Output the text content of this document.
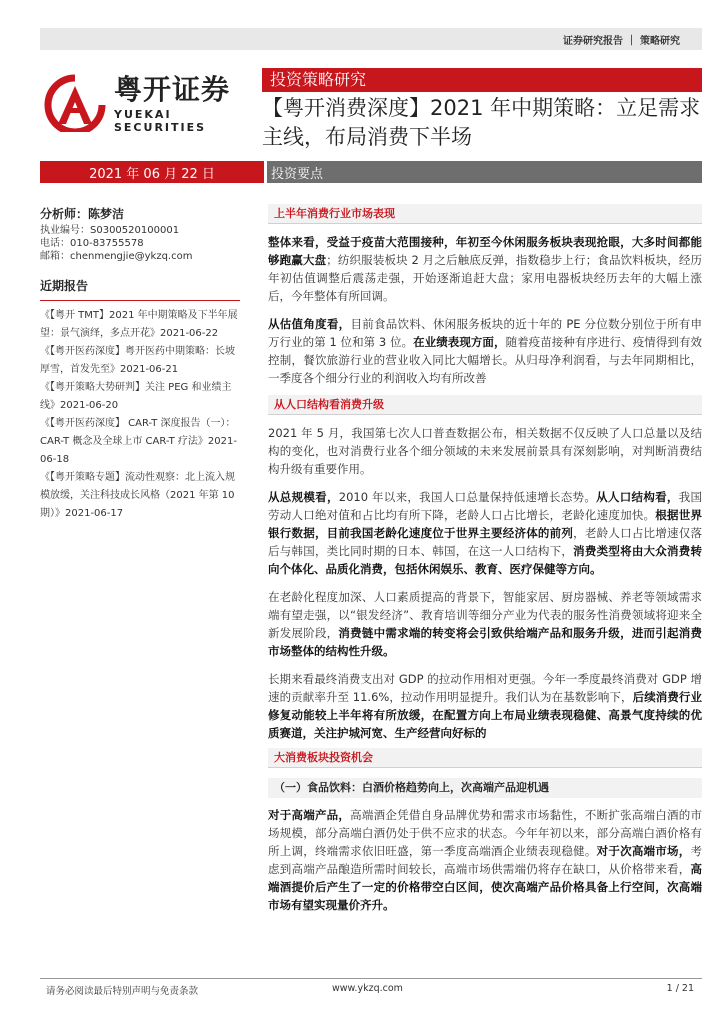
证券研究报告 ｜ 策略研究
粤开证券
YUEKAI SECURITIES
投资策略研究
【粤开消费深度】2021 年中期策略：立足需求主线，布局消费下半场
2021 年 06 月 22 日	投资要点
分析师：陈梦洁
执业编号：S0300520100001
电话：010-83755578
邮箱：chenmengjie@ykzq.com
近期报告
《【粤开 TMT】2021 年中期策略及下半年展望：景气演绎，多点开花》2021-06-22
《【粤开医药深度】粤开医药中期策略：长坡厚雪，首发先至》2021-06-21
《【粤开策略大势研判】关注 PEG 和业绩主线》2021-06-20
《【粤开医药深度】 CAR-T 深度报告（一）：CAR-T 概念及全球上市 CAR-T 疗法》2021-06-18
《【粤开策略专题】流动性观察：北上流入规模放缓，关注科技成长风格（2021 年第 10 期）》2021-06-17
上半年消费行业市场表现

整体来看，受益于疫苗大范围接种，年初至今休闲服务板块表现抢眼，大多时间都能够跑赢大盘；纺织服装板块 2 月之后触底反弹，指数稳步上行；食品饮料板块，经历年初估值调整后震荡走强，开始逐渐追赶大盘；家用电器板块经历去年的大幅上涨后，今年整体有所回调。

从估值角度看，目前食品饮料、休闲服务板块的近十年的 PE 分位数分别位于所有申万行业的第 1 位和第 3 位。在业绩表现方面，随着疫苗接种有序进行、疫情得到有效控制，餐饮旅游行业的营业收入同比大幅增长。从归母净利润看，与去年同期相比，一季度各个细分行业的利润收入均有所改善

从人口结构看消费升级

2021 年 5 月，我国第七次人口普查数据公布，相关数据不仅反映了人口总量以及结构的变化，也对消费行业各个细分领域的未来发展前景具有深刻影响，对判断消费结构升级有重要作用。

从总规模看，2010 年以来，我国人口总量保持低速增长态势。从人口结构看，我国劳动人口绝对值和占比均有所下降，老龄人口占比增长，老龄化速度加快。根据世界银行数据，目前我国老龄化速度位于世界主要经济体的前列，老龄人口占比增速仅落后与韩国，类比同时期的日本、韩国，在这一人口结构下，消费类型将由大众消费转向个体化、品质化消费，包括休闲娱乐、教育、医疗保健等方向。

在老龄化程度加深、人口素质提高的背景下，智能家居、厨房器械、养老等领域需求端有望走强，以“银发经济”、教育培训等细分产业为代表的服务性消费领域将迎来全新发展阶段，消费链中需求端的转变将会引致供给端产品和服务升级，进而引起消费市场整体的结构性升级。

长期来看最终消费支出对 GDP 的拉动作用相对更强。今年一季度最终消费对 GDP 增速的贡献率升至 11.6%，拉动作用明显提升。我们认为在基数影响下，后续消费行业修复动能较上半年将有所放缓，在配置方向上布局业绩表现稳健、高景气度持续的优质赛道，关注护城河宽、生产经营向好标的

大消费板块投资机会
（一）食品饮料：白酒价格趋势向上，次高端产品迎机遇

对于高端产品，高端酒企凭借自身品牌优势和需求市场黏性，不断扩张高端白酒的市场规模，部分高端白酒仍处于供不应求的状态。今年年初以来，部分高端白酒价格有所上调，终端需求依旧旺盛，第一季度高端酒企业绩表现稳健。对于次高端市场，考虑到高端产品酿造所需时间较长，高端市场供需端仍将存在缺口，从价格带来看，高端酒提价后产生了一定的价格带空白区间，使次高端产品价格具备上行空间，次高端市场有望实现量价齐升。

请务必阅读最后特别声明与免责条款	www.ykzq.com	1 / 21
